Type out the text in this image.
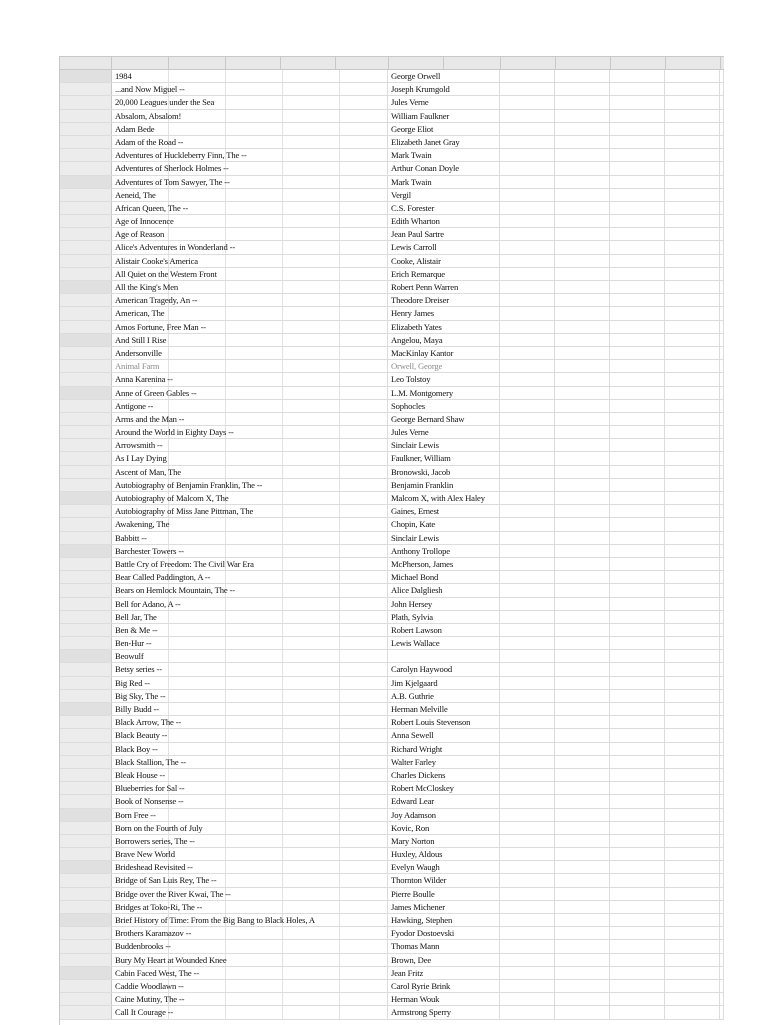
1984	George Orwell
...and Now Miguel --	Joseph Krumgold
20,000 Leagues under the Sea	Jules Verne
Absalom, Absalom!	William Faulkner
Adam Bede	George Eliot
Adam of the Road --	Elizabeth Janet Gray
Adventures of Huckleberry Finn, The --	Mark Twain
Adventures of Sherlock Holmes --	Arthur Conan Doyle
Adventures of Tom Sawyer, The --	Mark Twain
Aeneid, The	Vergil
African Queen, The --	C.S. Forester
Age of Innocence	Edith Wharton
Age of Reason	Jean Paul Sartre
Alice's Adventures in Wonderland --	Lewis Carroll
Alistair Cooke's America	Cooke, Alistair
All Quiet on the Western Front	Erich Remarque
All the King's Men	Robert Penn Warren
American Tragedy, An --	Theodore Dreiser
American, The	Henry James
Amos Fortune, Free Man --	Elizabeth Yates
And Still I Rise	Angelou, Maya
Andersonville	MacKinlay Kantor
Animal Farm	Orwell, George
Anna Karenina --	Leo Tolstoy
Anne of Green Gables --	L.M. Montgomery
Antigone --	Sophocles
Arms and the Man --	George Bernard Shaw
Around the World in Eighty Days --	Jules Verne
Arrowsmith --	Sinclair Lewis
As I Lay Dying	Faulkner, William
Ascent of Man, The	Bronowski, Jacob
Autobiography of Benjamin Franklin, The --	Benjamin Franklin
Autobiography of Malcom X, The	Malcom X, with Alex Haley
Autobiography of Miss Jane Pittman, The	Gaines, Ernest
Awakening, The	Chopin, Kate
Babbitt --	Sinclair Lewis
Barchester Towers --	Anthony Trollope
Battle Cry of Freedom: The Civil War Era	McPherson, James
Bear Called Paddington, A --	Michael Bond
Bears on Hemlock Mountain, The --	Alice Dalgliesh
Bell for Adano, A --	John Hersey
Bell Jar, The	Plath, Sylvia
Ben & Me --	Robert Lawson
Ben-Hur --	Lewis Wallace
Beowulf
Betsy series --	Carolyn Haywood
Big Red --	Jim Kjelgaard
Big Sky, The --	A.B. Guthrie
Billy Budd --	Herman Melville
Black Arrow, The --	Robert Louis Stevenson
Black Beauty --	Anna Sewell
Black Boy --	Richard Wright
Black Stallion, The --	Walter Farley
Bleak House --	Charles Dickens
Blueberries for Sal --	Robert McCloskey
Book of Nonsense --	Edward Lear
Born Free --	Joy Adamson
Born on the Fourth of July	Kovic, Ron
Borrowers series, The --	Mary Norton
Brave New World	Huxley, Aldous
Brideshead Revisited --	Evelyn Waugh
Bridge of San Luis Rey, The --	Thornton Wilder
Bridge over the River Kwai, The --	Pierre Boulle
Bridges at Toko-Ri, The --	James Michener
Brief History of Time: From the Big Bang to Black Holes, A	Hawking, Stephen
Brothers Karamazov --	Fyodor Dostoevski
Buddenbrooks --	Thomas Mann
Bury My Heart at Wounded Knee	Brown, Dee
Cabin Faced West, The --	Jean Fritz
Caddie Woodlawn --	Carol Ryrie Brink
Caine Mutiny, The --	Herman Wouk
Call It Courage --	Armstrong Sperry
